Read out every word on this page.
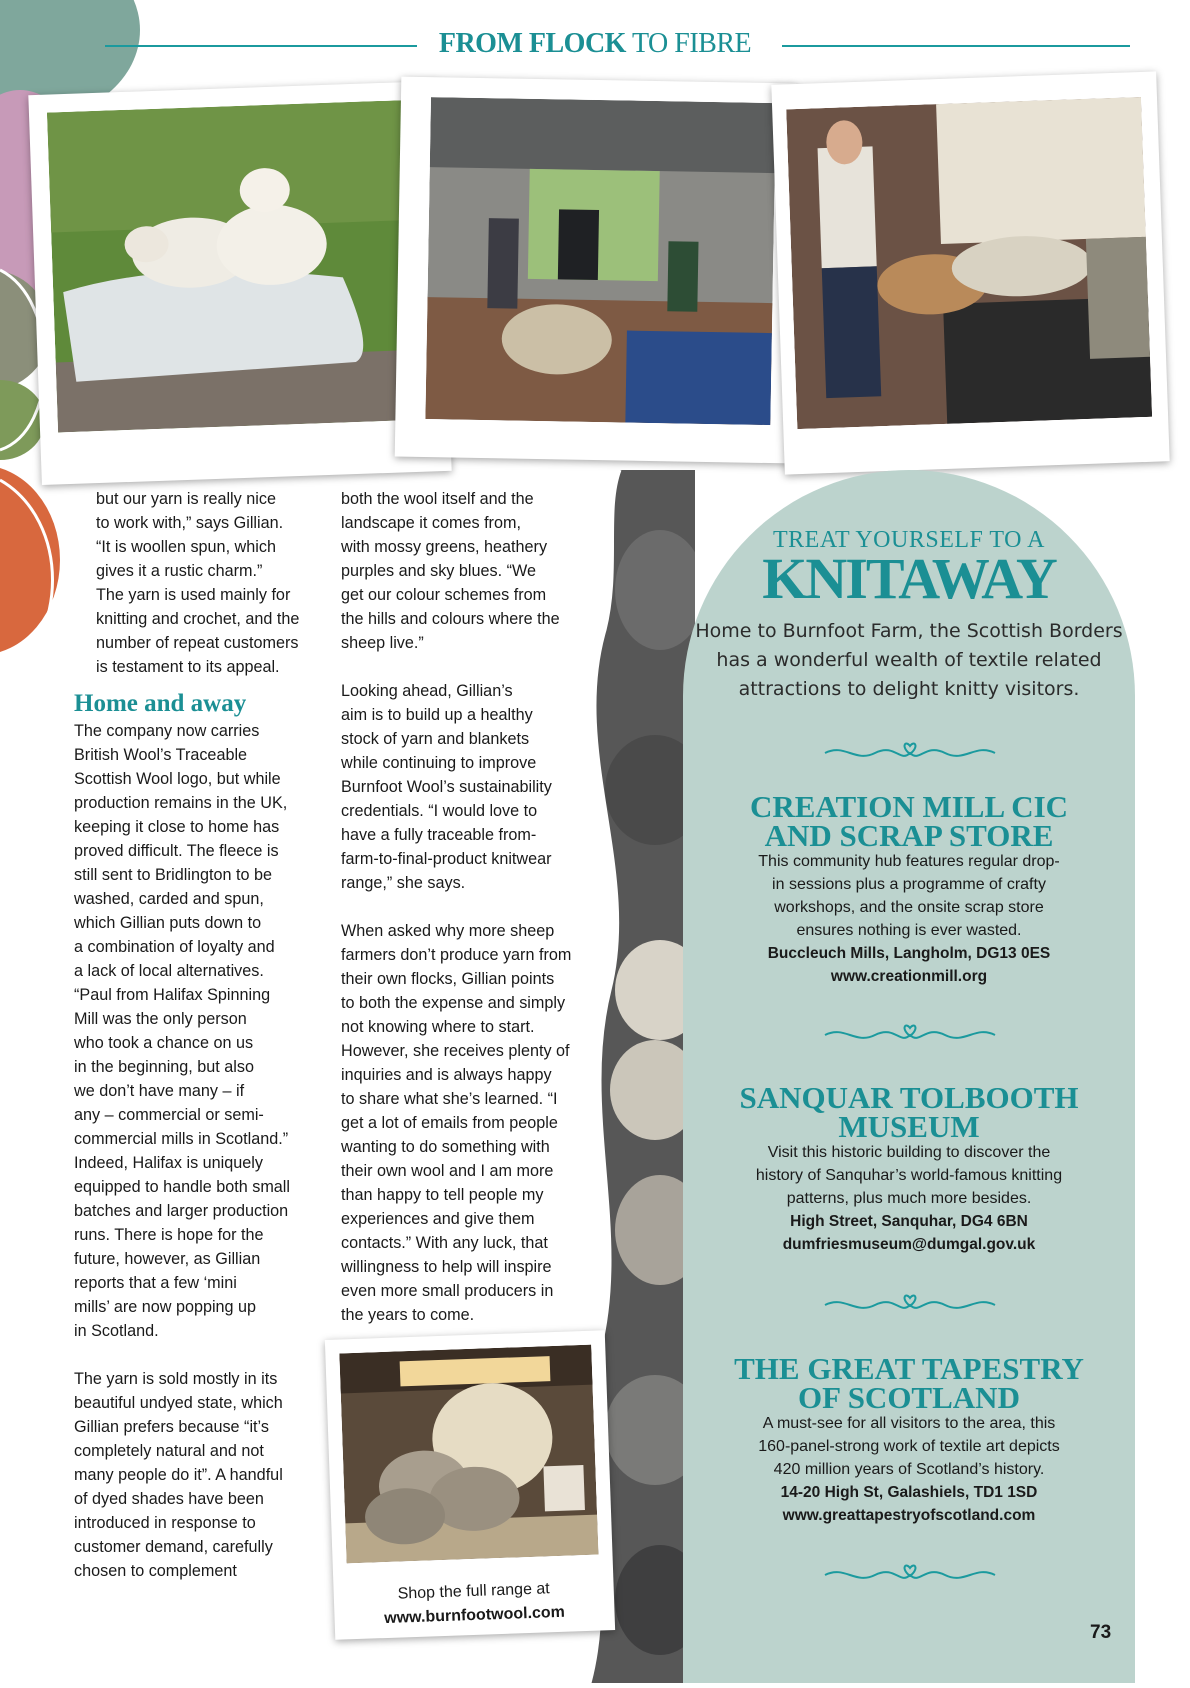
FROM FLOCK TO FIBRE

but our yarn is really nice
to work with,” says Gillian.
“It is woollen spun, which
gives it a rustic charm.”
The yarn is used mainly for
knitting and crochet, and the
number of repeat customers
is testament to its appeal.

Home and away

The company now carries
British Wool’s Traceable
Scottish Wool logo, but while
production remains in the UK,
keeping it close to home has
proved difficult. The fleece is
still sent to Bridlington to be
washed, carded and spun,
which Gillian puts down to
a combination of loyalty and
a lack of local alternatives.
“Paul from Halifax Spinning
Mill was the only person
who took a chance on us
in the beginning, but also
we don’t have many – if
any – commercial or semi-
commercial mills in Scotland.”
Indeed, Halifax is uniquely
equipped to handle both small
batches and larger production
runs. There is hope for the
future, however, as Gillian
reports that a few ‘mini
mills’ are now popping up
in Scotland.

The yarn is sold mostly in its
beautiful undyed state, which
Gillian prefers because “it’s
completely natural and not
many people do it”. A handful
of dyed shades have been
introduced in response to
customer demand, carefully
chosen to complement

both the wool itself and the
landscape it comes from,
with mossy greens, heathery
purples and sky blues. “We
get our colour schemes from
the hills and colours where the
sheep live.”

Looking ahead, Gillian’s
aim is to build up a healthy
stock of yarn and blankets
while continuing to improve
Burnfoot Wool’s sustainability
credentials. “I would love to
have a fully traceable from-
farm-to-final-product knitwear
range,” she says.

When asked why more sheep
farmers don’t produce yarn from
their own flocks, Gillian points
to both the expense and simply
not knowing where to start.
However, she receives plenty of
inquiries and is always happy
to share what she’s learned. “I
get a lot of emails from people
wanting to do something with
their own wool and I am more
than happy to tell people my
experiences and give them
contacts.” With any luck, that
willingness to help will inspire
even more small producers in
the years to come.

Shop the full range at
www.burnfootwool.com
TREAT YOURSELF TO A
KNITAWAY
Home to Burnfoot Farm, the Scottish Borders
has a wonderful wealth of textile related
attractions to delight knitty visitors.
CREATION MILL CIC
AND SCRAP STORE
This community hub features regular drop-
in sessions plus a programme of crafty
workshops, and the onsite scrap store
ensures nothing is ever wasted.
Buccleuch Mills, Langholm, DG13 0ES
www.creationmill.org
SANQUAR TOLBOOTH
MUSEUM
Visit this historic building to discover the
history of Sanquhar’s world-famous knitting
patterns, plus much more besides.
High Street, Sanquhar, DG4 6BN
dumfriesmuseum@dumgal.gov.uk
THE GREAT TAPESTRY
OF SCOTLAND
A must-see for all visitors to the area, this
160-panel-strong work of textile art depicts
420 million years of Scotland’s history.
14-20 High St, Galashiels, TD1 1SD
www.greattapestryofscotland.com
73
